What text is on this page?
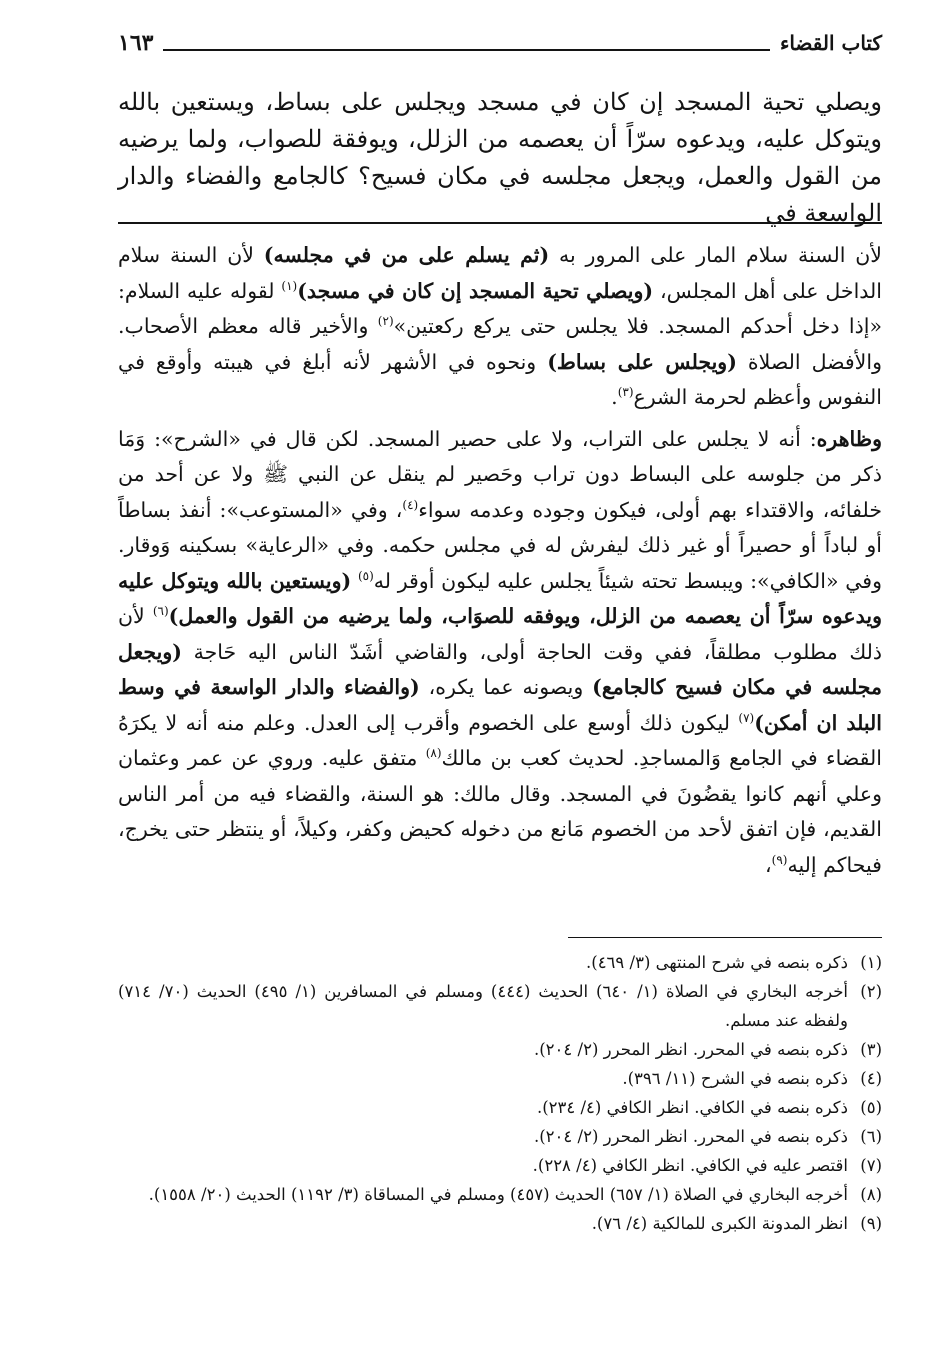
كتاب القضاء
١٦٣

ويصلي تحية المسجد إن كان في مسجد ويجلس على بساط، ويستعين بالله ويتوكل عليه، ويدعوه سرّاً أن يعصمه من الزلل، ويوفقة للصواب، ولما يرضيه من القول والعمل، ويجعل مجلسه في مكان فسيح؟ كالجامع والفضاء والدار الواسعة في

لأن السنة سلام المار على المرور به (ثم يسلم على من في مجلسه) لأن السنة سلام الداخل على أهل المجلس، (ويصلي تحية المسجد إن كان في مسجد)$^{(١)}$ لقوله عليه السلام: «إذا دخل أحدكم المسجد. فلا يجلس حتى يركع ركعتين»$^{(٢)}$ والأخير قاله معظم الأصحاب. والأفضل الصلاة (ويجلس على بساط) ونحوه في الأشهر لأنه أبلغ في هيبته وأوقع في النفوس وأعظم لحرمة الشرع$^{(٣)}$.

وظاهره: أنه لا يجلس على التراب، ولا على حصير المسجد. لكن قال في «الشرح»: وَمَا ذكر من جلوسه على البساط دون تراب وحَصير لم ينقل عن النبي ﷺ ولا عن أحد من خلفائه، والاقتداء بهم أولى، فيكون وجوده وعدمه سواء$^{(٤)}$، وفي «المستوعب»: أنفذ بساطاً أو لباداً أو حصيراً أو غير ذلك ليفرش له في مجلس حكمه. وفي «الرعاية» بسكينه وَوقار. وفي «الكافي»: ويبسط تحته شيئاً يجلس عليه ليكون أوقر له$^{(٥)}$ (ويستعين بالله ويتوكل عليه ويدعوه سرّاً أن يعصمه من الزلل، ويوفقه للصوَاب، ولما يرضيه من القول والعمل)$^{(٦)}$ لأن ذلك مطلوب مطلقاً، ففي وقت الحاجة أولى، والقاضي أشَدّ الناس اليه حَاجة (ويجعل مجلسه في مكان فسيح كالجامع) ويصونه عما يكره، (والفضاء والدار الواسعة في وسط البلد ان أمكن)$^{(٧)}$ ليكون ذلك أوسع على الخصوم وأقرب إلى العدل. وعلم منه أنه لا يكرَهُ القضاء في الجامع وَالمساجدِ. لحديث كعب بن مالك$^{(٨)}$ متفق عليه. وروي عن عمر وعثمان وعلي أنهم كانوا يقضُونَ في المسجد. وقال مالك: هو السنة، والقضاء فيه من أمر الناس القديم، فإن اتفق لأحد من الخصوم مَانع من دخوله كحيض وكفر، وكيلاً، أو ينتظر حتى يخرج، فيحاكم إليه$^{(٩)}$،

(١)
ذكره بنصه في شرح المنتهى (٣/ ٤٦٩).
(٢)
أخرجه البخاري في الصلاة (١/ ٦٤٠) الحديث (٤٤٤) ومسلم في المسافرين (١/ ٤٩٥) الحديث (٧٠/ ٧١٤) ولفظه عند مسلم.
(٣)
ذكره بنصه في المحرر. انظر المحرر (٢/ ٢٠٤).
(٤)
ذكره بنصه في الشرح (١١/ ٣٩٦).
(٥)
ذكره بنصه في الكافي. انظر الكافي (٤/ ٢٣٤).
(٦)
ذكره بنصه في المحرر. انظر المحرر (٢/ ٢٠٤).
(٧)
اقتصر عليه في الكافي. انظر الكافي (٤/ ٢٢٨).
(٨)
أخرجه البخاري في الصلاة (١/ ٦٥٧) الحديث (٤٥٧) ومسلم في المساقاة (٣/ ١١٩٢) الحديث (٢٠/ ١٥٥٨).
(٩)
انظر المدونة الكبرى للمالكية (٤/ ٧٦).
